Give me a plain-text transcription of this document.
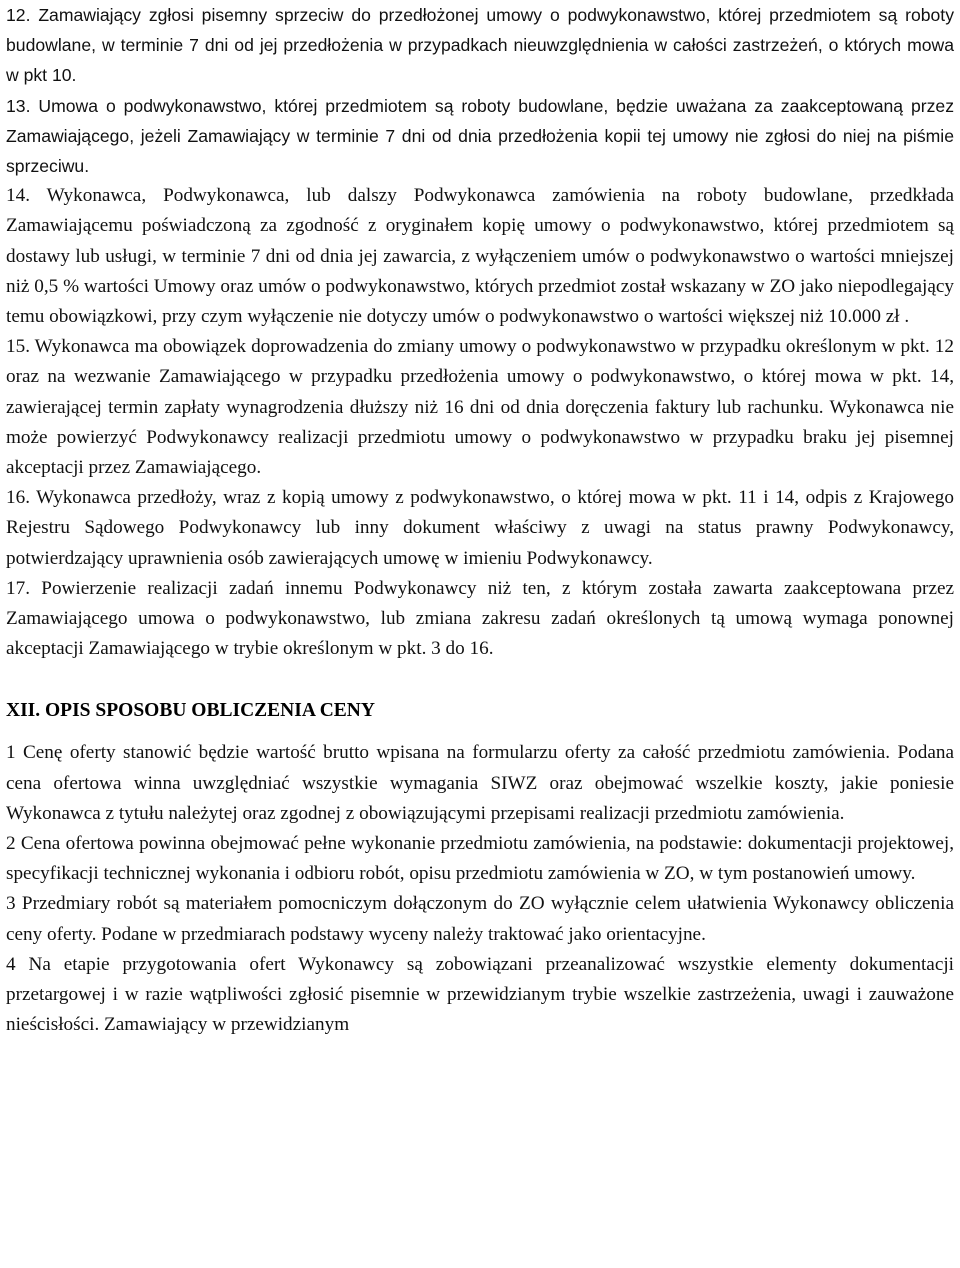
12. Zamawiający zgłosi pisemny sprzeciw do przedłożonej umowy o podwykonawstwo, której przedmiotem są roboty budowlane, w terminie 7 dni od jej przedłożenia w przypadkach nieuwzględnienia w całości zastrzeżeń, o których mowa w pkt 10.

13. Umowa o podwykonawstwo, której przedmiotem są roboty budowlane, będzie uważana za zaakceptowaną przez Zamawiającego, jeżeli Zamawiający w terminie 7 dni od dnia przedłożenia kopii tej umowy nie zgłosi do niej na piśmie sprzeciwu.

14. Wykonawca, Podwykonawca, lub dalszy Podwykonawca zamówienia na roboty budowlane, przedkłada Zamawiającemu poświadczoną za zgodność z oryginałem kopię umowy o podwykonawstwo, której przedmiotem są dostawy lub usługi, w terminie 7 dni od dnia jej zawarcia, z wyłączeniem umów o podwykonawstwo o wartości mniejszej niż 0,5 % wartości Umowy oraz umów o podwykonawstwo, których przedmiot został wskazany w ZO jako niepodlegający temu obowiązkowi, przy czym wyłączenie nie dotyczy umów o podwykonawstwo o wartości większej niż 10.000 zł .

15. Wykonawca ma obowiązek doprowadzenia do zmiany umowy o podwykonawstwo w przypadku określonym w pkt. 12 oraz na wezwanie Zamawiającego w przypadku przedłożenia umowy o podwykonawstwo, o której mowa w pkt. 14, zawierającej termin zapłaty wynagrodzenia dłuższy niż 16 dni od dnia doręczenia faktury lub rachunku. Wykonawca nie może powierzyć Podwykonawcy realizacji przedmiotu umowy o podwykonawstwo w przypadku braku jej pisemnej akceptacji przez Zamawiającego.

16. Wykonawca przedłoży, wraz z kopią umowy z podwykonawstwo, o której mowa w pkt. 11 i 14, odpis z Krajowego Rejestru Sądowego Podwykonawcy lub inny dokument właściwy z uwagi na status prawny Podwykonawcy, potwierdzający uprawnienia osób zawierających umowę w imieniu Podwykonawcy.

17. Powierzenie realizacji zadań innemu Podwykonawcy niż ten, z którym została zawarta zaakceptowana przez Zamawiającego umowa o podwykonawstwo, lub zmiana zakresu zadań określonych tą umową wymaga ponownej akceptacji Zamawiającego w trybie określonym w pkt. 3 do 16.

XII. OPIS SPOSOBU OBLICZENIA CENY

1 Cenę oferty stanowić będzie wartość brutto wpisana na formularzu oferty za całość przedmiotu zamówienia. Podana cena ofertowa winna uwzględniać wszystkie wymagania SIWZ oraz obejmować wszelkie koszty, jakie poniesie Wykonawca z tytułu należytej oraz zgodnej z obowiązującymi przepisami realizacji przedmiotu zamówienia.

2 Cena ofertowa powinna obejmować pełne wykonanie przedmiotu zamówienia, na podstawie: dokumentacji projektowej, specyfikacji technicznej wykonania i odbioru robót, opisu przedmiotu zamówienia w ZO, w tym postanowień umowy.

3 Przedmiary robót są materiałem pomocniczym dołączonym do ZO wyłącznie celem ułatwienia Wykonawcy obliczenia ceny oferty. Podane w przedmiarach podstawy wyceny należy traktować jako orientacyjne.

4 Na etapie przygotowania ofert Wykonawcy są zobowiązani przeanalizować wszystkie elementy dokumentacji przetargowej i w razie wątpliwości zgłosić pisemnie w przewidzianym trybie wszelkie zastrzeżenia, uwagi i zauważone nieścisłości. Zamawiający w przewidzianym
